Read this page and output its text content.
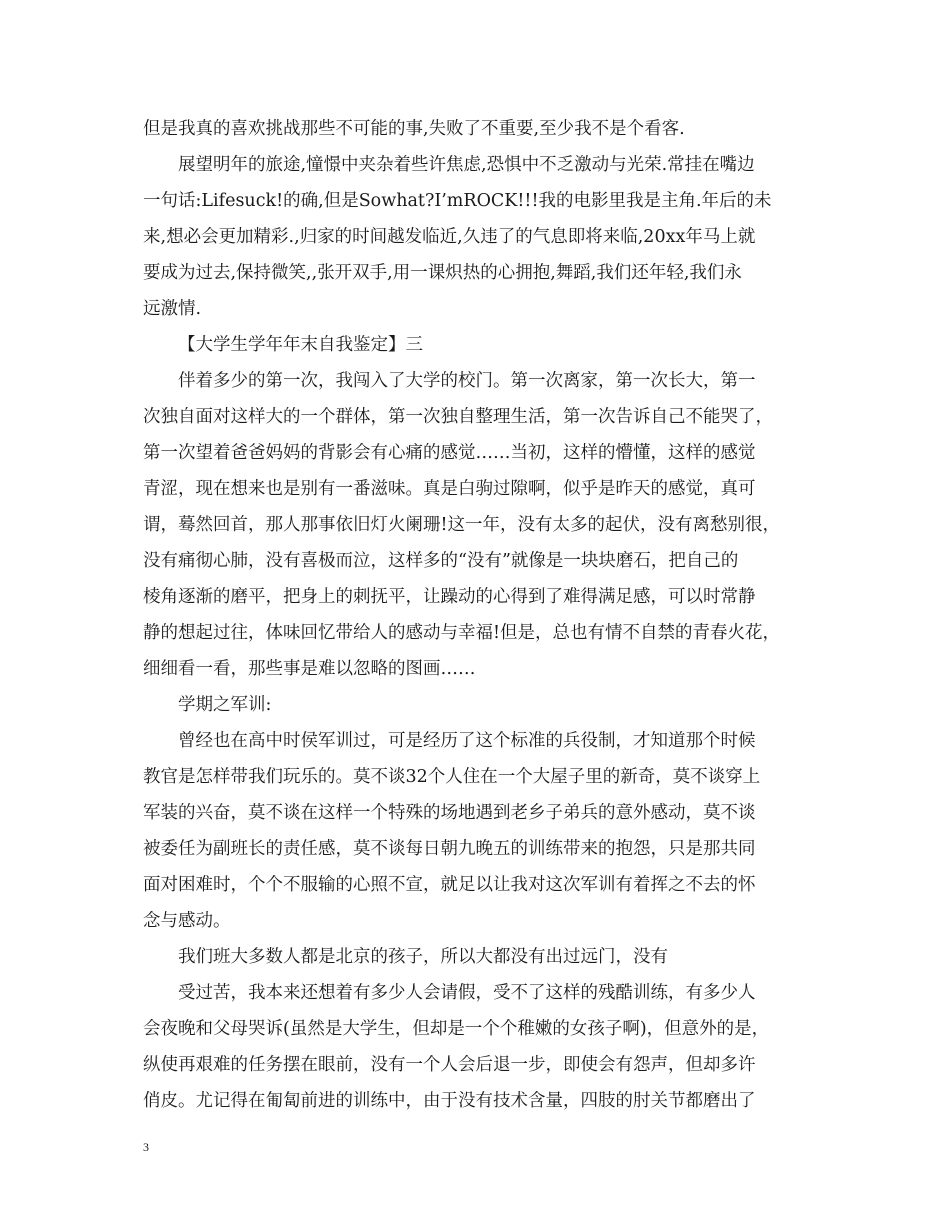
但是我真的喜欢挑战那些不可能的事,失败了不重要,至少我不是个看客.
展望明年的旅途,憧憬中夹杂着些许焦虑,恐惧中不乏激动与光荣.常挂在嘴边
一句话:Lifesuck!的确,但是Sowhat?I’mROCK!!!我的电影里我是主角.年后的未
来,想必会更加精彩.,归家的时间越发临近,久违了的气息即将来临,20xx年马上就
要成为过去,保持微笑,,张开双手,用一课炽热的心拥抱,舞蹈,我们还年轻,我们永
远激情.
【大学生学年年末自我鉴定】三
伴着多少的第一次，我闯入了大学的校门。第一次离家，第一次长大，第一
次独自面对这样大的一个群体，第一次独自整理生活，第一次告诉自己不能哭了，
第一次望着爸爸妈妈的背影会有心痛的感觉……当初，这样的懵懂，这样的感觉
青涩，现在想来也是别有一番滋味。真是白驹过隙啊，似乎是昨天的感觉，真可
谓，蓦然回首，那人那事依旧灯火阑珊!这一年，没有太多的起伏，没有离愁别很，
没有痛彻心肺，没有喜极而泣，这样多的“没有”就像是一块块磨石，把自己的
棱角逐渐的磨平，把身上的刺抚平，让躁动的心得到了难得满足感，可以时常静
静的想起过往，体味回忆带给人的感动与幸福!但是，总也有情不自禁的青春火花，
细细看一看，那些事是难以忽略的图画……
学期之军训:
曾经也在高中时侯军训过，可是经历了这个标准的兵役制，才知道那个时候
教官是怎样带我们玩乐的。莫不谈32个人住在一个大屋子里的新奇，莫不谈穿上
军装的兴奋，莫不谈在这样一个特殊的场地遇到老乡子弟兵的意外感动，莫不谈
被委任为副班长的责任感，莫不谈每日朝九晚五的训练带来的抱怨，只是那共同
面对困难时，个个不服输的心照不宣，就足以让我对这次军训有着挥之不去的怀
念与感动。
我们班大多数人都是北京的孩子，所以大都没有出过远门，没有
受过苦，我本来还想着有多少人会请假，受不了这样的残酷训练，有多少人
会夜晚和父母哭诉(虽然是大学生，但却是一个个稚嫩的女孩子啊)，但意外的是，
纵使再艰难的任务摆在眼前，没有一个人会后退一步，即使会有怨声，但却多许
俏皮。尤记得在匍匐前进的训练中，由于没有技术含量，四肢的肘关节都磨出了
3
